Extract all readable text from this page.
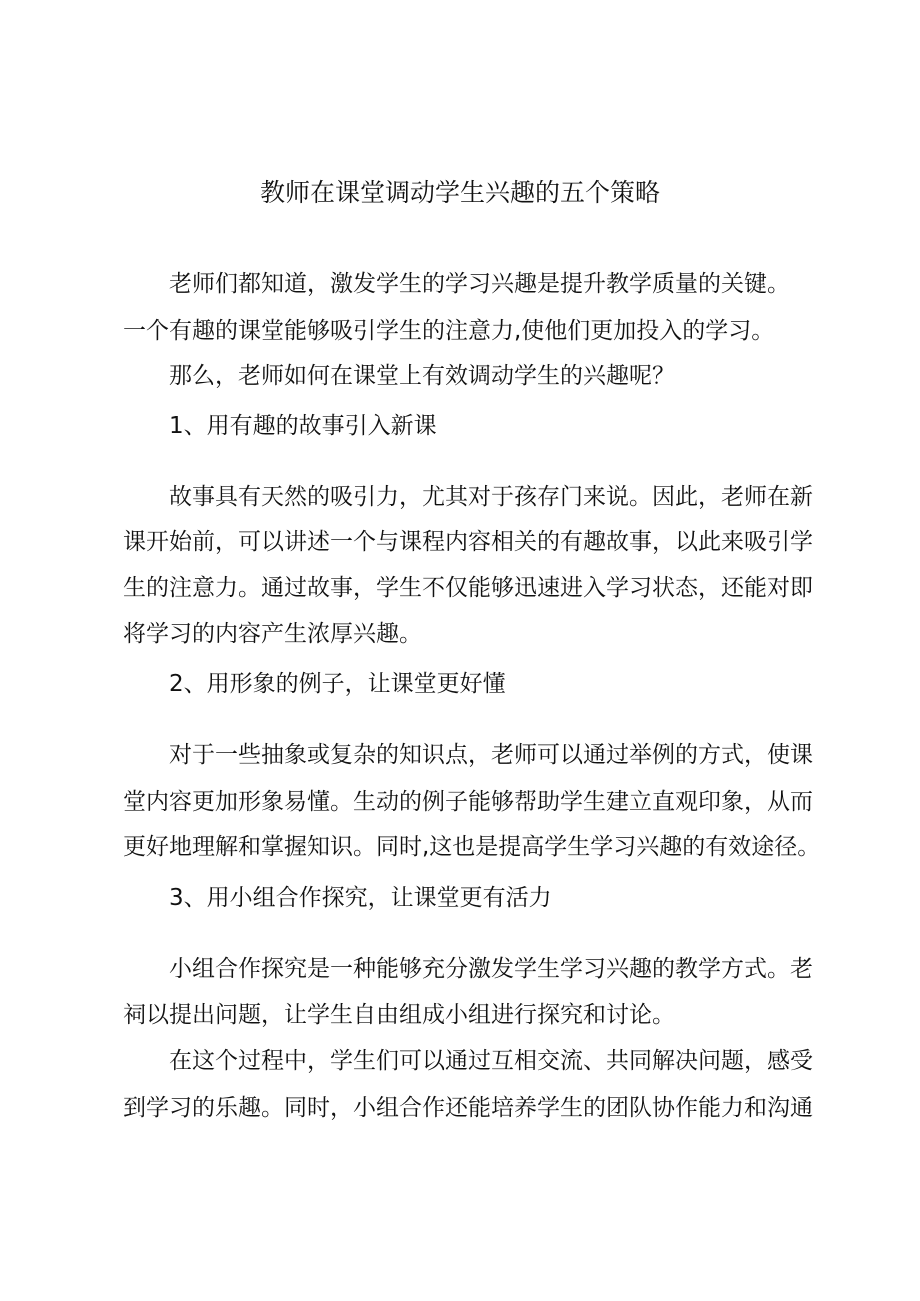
教师在课堂调动学生兴趣的五个策略
老师们都知道，激发学生的学习兴趣是提升教学质量的关键。
一个有趣的课堂能够吸引学生的注意力,使他们更加投入的学习。
那么，老师如何在课堂上有效调动学生的兴趣呢？
1、用有趣的故事引入新课
故事具有天然的吸引力，尤其对于孩存门来说。因此，老师在新
课开始前，可以讲述一个与课程内容相关的有趣故事，以此来吸引学
生的注意力。通过故事，学生不仅能够迅速进入学习状态，还能对即
将学习的内容产生浓厚兴趣。
2、用形象的例子，让课堂更好懂
对于一些抽象或复杂的知识点，老师可以通过举例的方式，使课
堂内容更加形象易懂。生动的例子能够帮助学生建立直观印象，从而
更好地理解和掌握知识。同时,这也是提高学生学习兴趣的有效途径。
3、用小组合作探究，让课堂更有活力
小组合作探究是一种能够充分激发学生学习兴趣的教学方式。老
祠以提出问题，让学生自由组成小组进行探究和讨论。
在这个过程中，学生们可以通过互相交流、共同解决问题，感受
到学习的乐趣。同时，小组合作还能培养学生的团队协作能力和沟通
